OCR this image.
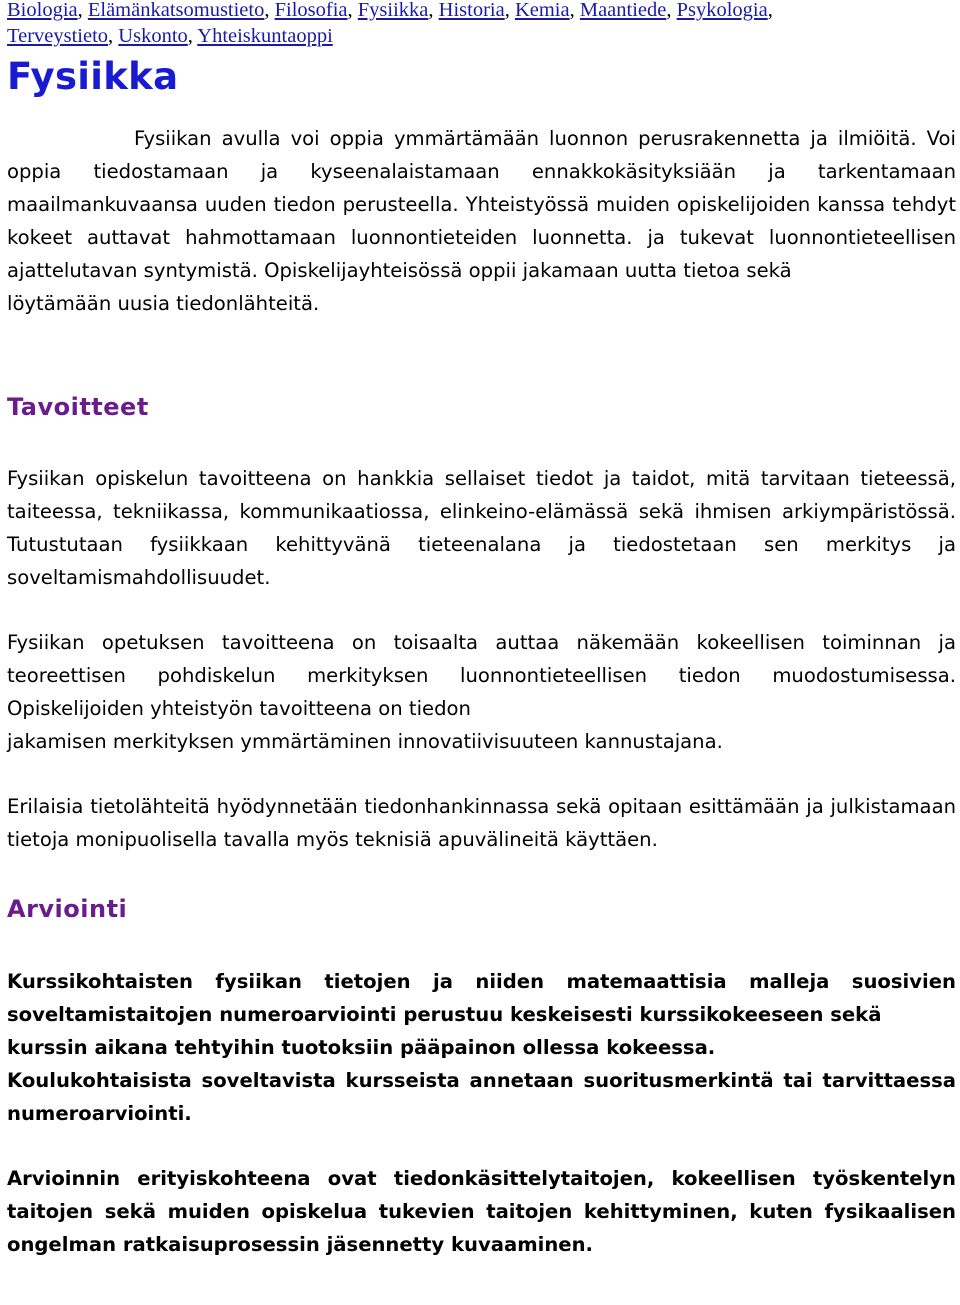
Biologia, Elämänkatsomustieto, Filosofia, Fysiikka, Historia, Kemia, Maantiede, Psykologia,
Terveystieto, Uskonto, Yhteiskuntaoppi
Fysiikka

Fysiikan avulla voi oppia ymmärtämään luonnon perusrakennetta ja ilmiöitä. Voi oppia tiedostamaan ja kyseenalaistamaan ennakkokäsityksiään ja tarkentamaan maailmankuvaansa uuden tiedon perusteella. Yhteistyössä muiden opiskelijoiden kanssa tehdyt kokeet auttavat hahmottamaan luonnontieteiden luonnetta. ja tukevat luonnontieteellisen ajattelutavan syntymistä. Opiskelijayhteisössä oppii jakamaan uutta tietoa sekä
löytämään uusia tiedonlähteitä.

Tavoitteet

Fysiikan opiskelun tavoitteena on hankkia sellaiset tiedot ja taidot, mitä tarvitaan tieteessä, taiteessa, tekniikassa, kommunikaatiossa, elinkeino-elämässä sekä ihmisen arkiympäristössä. Tutustutaan fysiikkaan kehittyvänä tieteenalana ja tiedostetaan sen merkitys ja soveltamismahdollisuudet.

Fysiikan opetuksen tavoitteena on toisaalta auttaa näkemään kokeellisen toiminnan ja teoreettisen pohdiskelun merkityksen luonnontieteellisen tiedon muodostumisessa. Opiskelijoiden yhteistyön tavoitteena on tiedon
jakamisen merkityksen ymmärtäminen innovatiivisuuteen kannustajana.

Erilaisia tietolähteitä hyödynnetään tiedonhankinnassa sekä opitaan esittämään ja julkistamaan tietoja monipuolisella tavalla myös teknisiä apuvälineitä käyttäen.

Arviointi

Kurssikohtaisten fysiikan tietojen ja niiden matemaattisia malleja suosivien
soveltamistaitojen numeroarviointi perustuu keskeisesti kurssikokeeseen sekä
kurssin aikana tehtyihin tuotoksiin pääpainon ollessa kokeessa.

Koulukohtaisista soveltavista kursseista annetaan suoritusmerkintä tai tarvittaessa numeroarviointi.

Arvioinnin erityiskohteena ovat tiedonkäsittelytaitojen, kokeellisen työskentelyn taitojen sekä muiden opiskelua tukevien taitojen kehittyminen, kuten fysikaalisen ongelman ratkaisuprosessin jäsennetty kuvaaminen.
